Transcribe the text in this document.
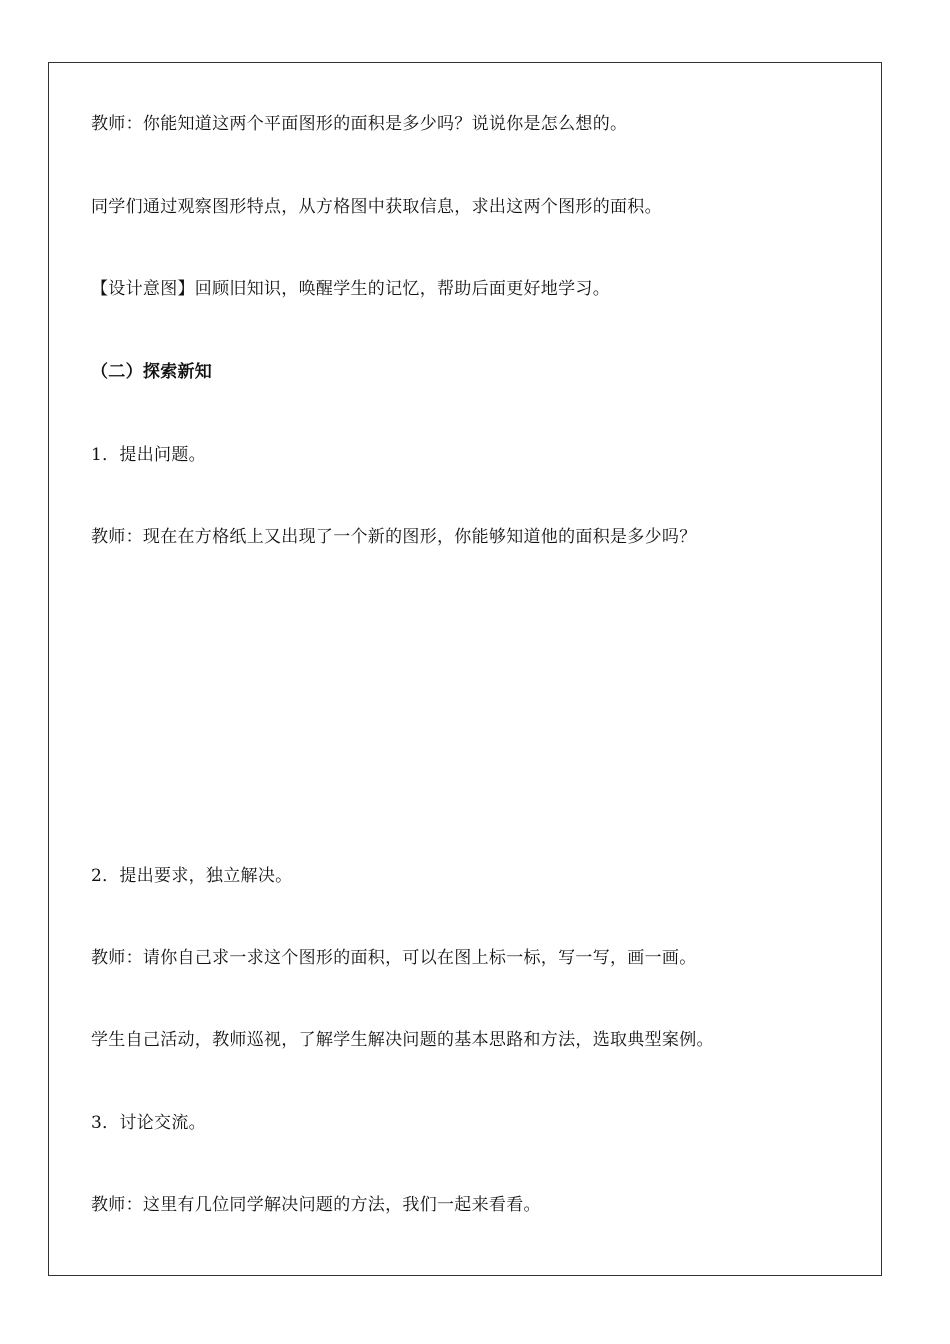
教师：你能知道这两个平面图形的面积是多少吗？说说你是怎么想的。
同学们通过观察图形特点，从方格图中获取信息，求出这两个图形的面积。
【设计意图】回顾旧知识，唤醒学生的记忆，帮助后面更好地学习。
（二）探索新知
1．提出问题。
教师：现在在方格纸上又出现了一个新的图形，你能够知道他的面积是多少吗？
2．提出要求，独立解决。
教师：请你自己求一求这个图形的面积，可以在图上标一标，写一写，画一画。
学生自己活动，教师巡视，了解学生解决问题的基本思路和方法，选取典型案例。
3．讨论交流。
教师：这里有几位同学解决问题的方法，我们一起来看看。
